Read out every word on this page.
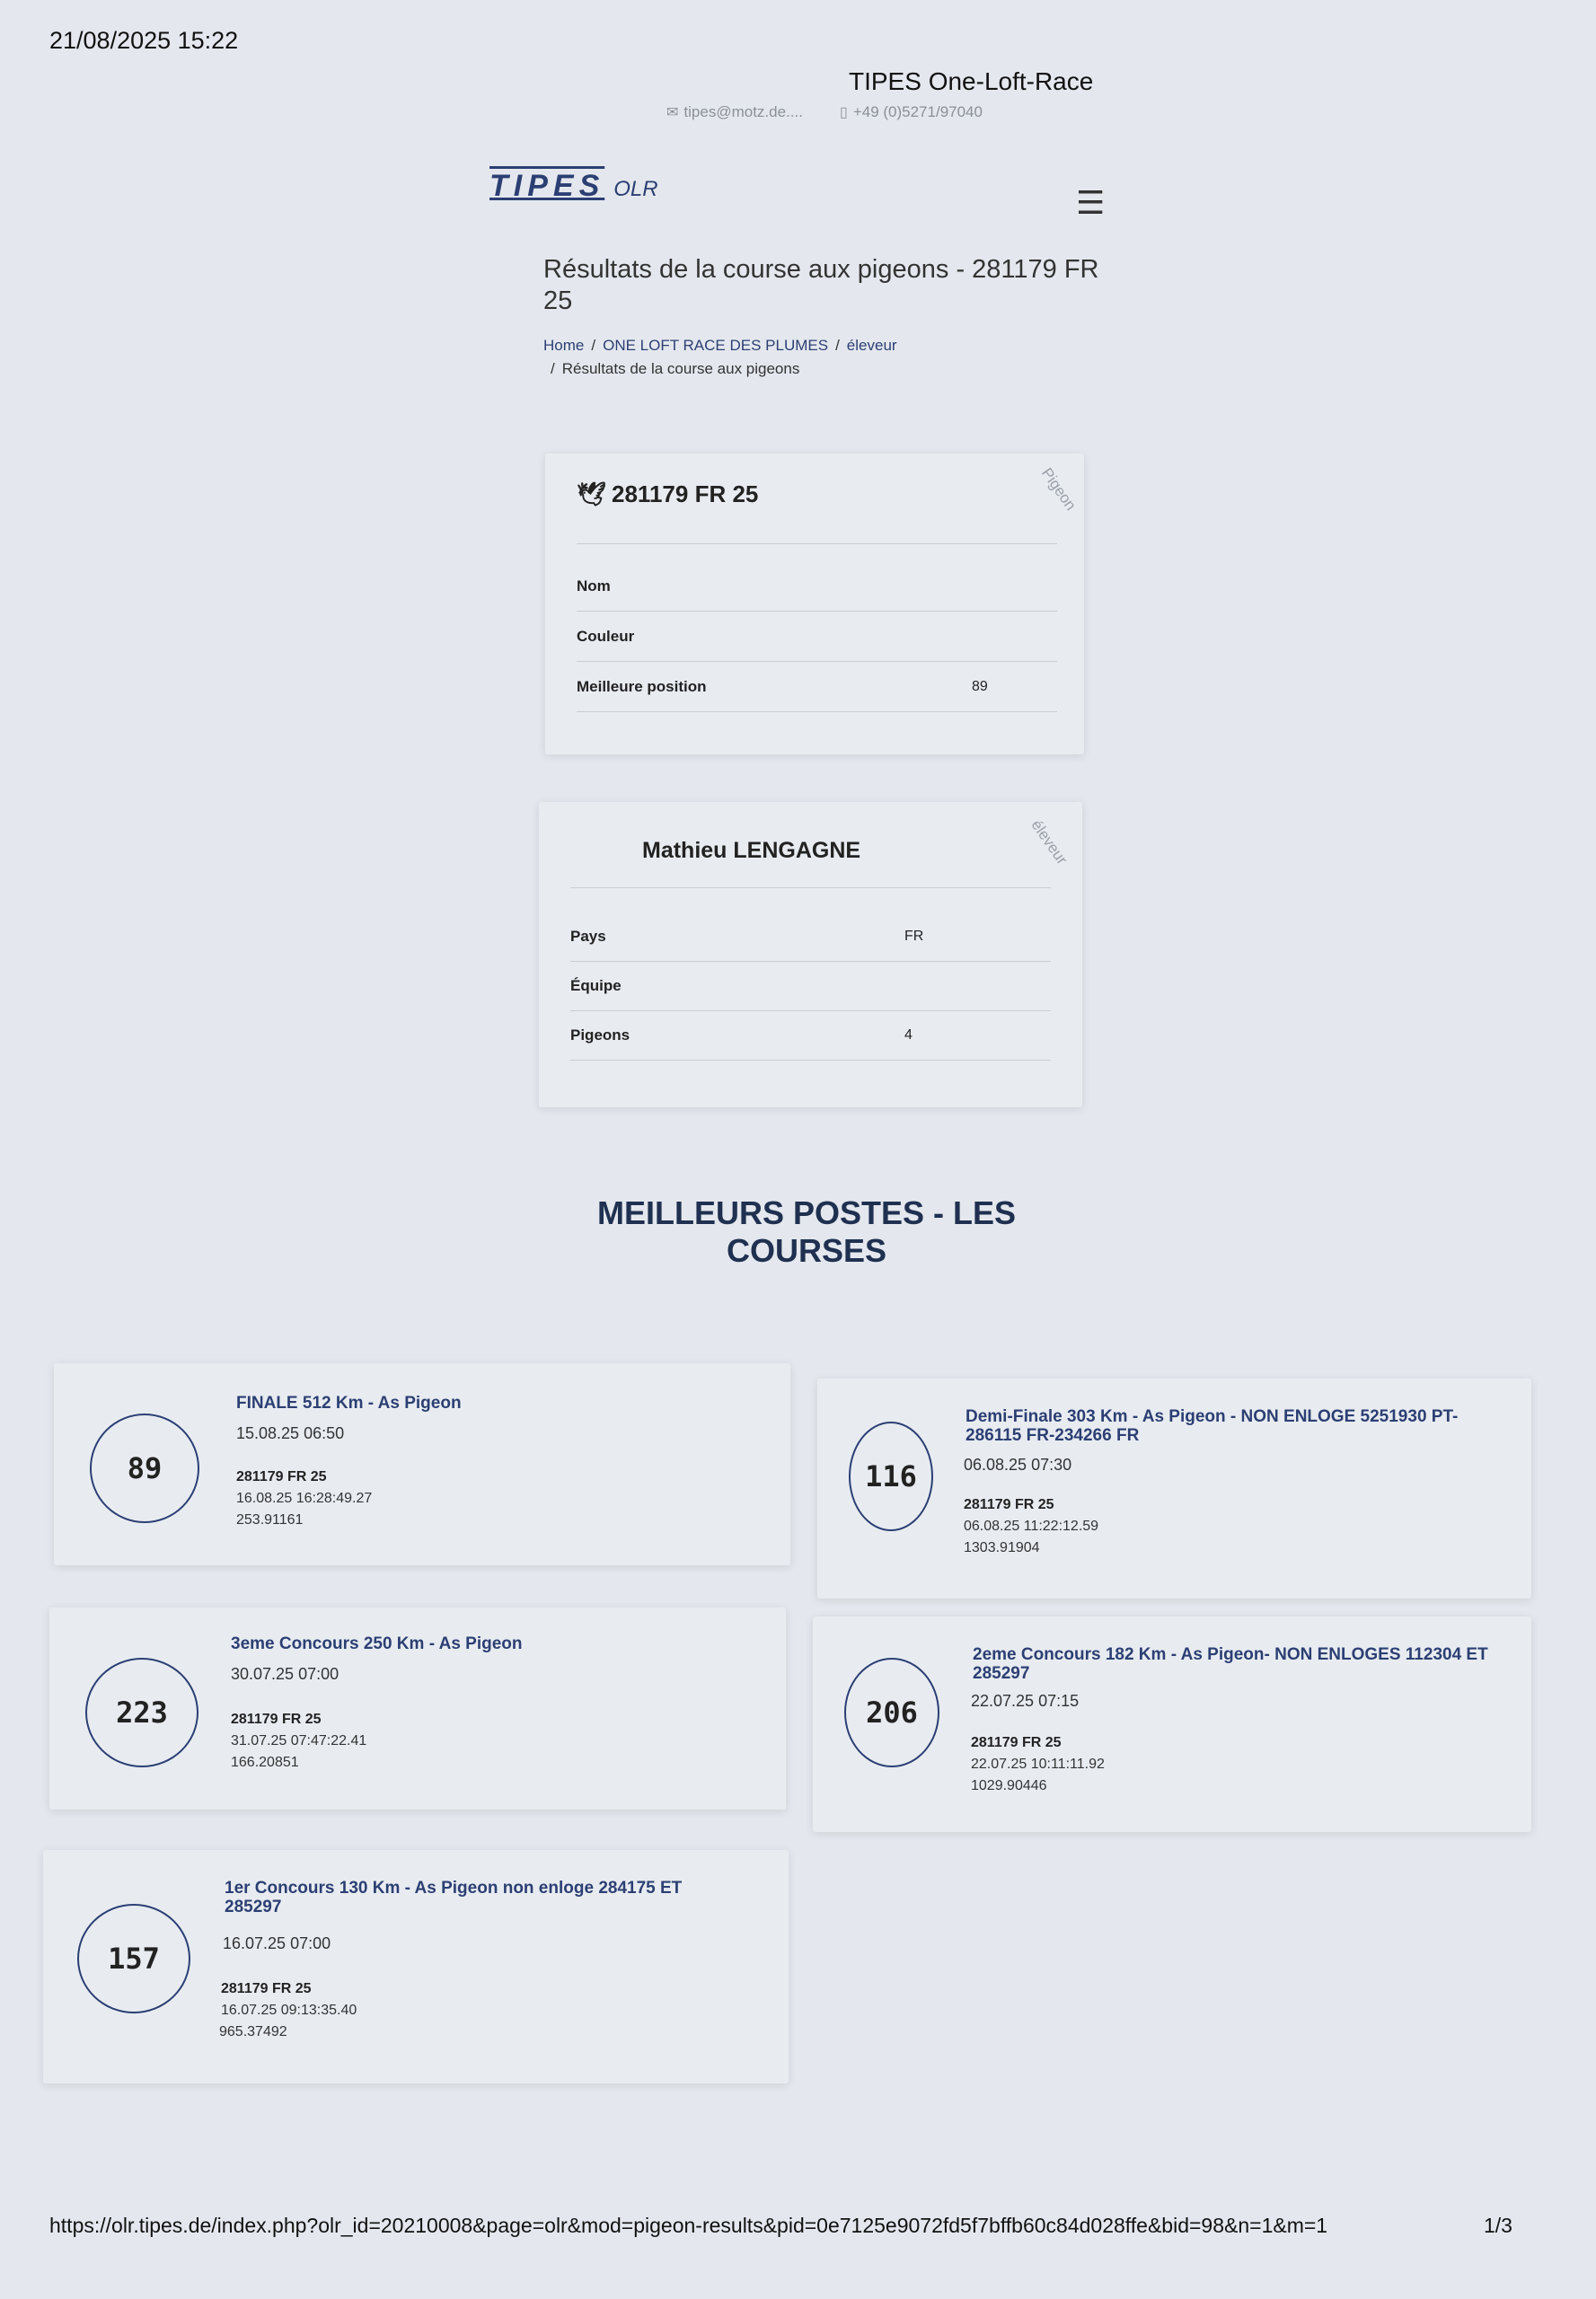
21/08/2025 15:22
TIPES One-Loft-Race
✉ tipes@motz.de....	▯ +49 (0)5271/97040
TIPES OLR	☰
Résultats de la course aux pigeons - 281179 FR 25
Home / ONE LOFT RACE DES PLUMES / éleveur
/ Résultats de la course aux pigeons
🕊 281179 FR 25	Pigeon
Nom
Couleur
Meilleure position	89
Mathieu LENGAGNE	éleveur
Pays	FR
Équipe
Pigeons	4
MEILLEURS POSTES - LES
COURSES
89
FINALE 512 Km - As Pigeon
15.08.25 06:50
281179 FR 25
16.08.25 16:28:49.27
253.91161
116
Demi-Finale 303 Km - As Pigeon - NON ENLOGE 5251930 PT-286115 FR-234266 FR
06.08.25 07:30
281179 FR 25
06.08.25 11:22:12.59
1303.91904
223
3eme Concours 250 Km - As Pigeon
30.07.25 07:00
281179 FR 25
31.07.25 07:47:22.41
166.20851
206
2eme Concours 182 Km - As Pigeon- NON ENLOGES 112304 ET 285297
22.07.25 07:15
281179 FR 25
22.07.25 10:11:11.92
1029.90446
157
1er Concours 130 Km - As Pigeon non enloge 284175 ET 285297
16.07.25 07:00
281179 FR 25
16.07.25 09:13:35.40
965.37492
https://olr.tipes.de/index.php?olr_id=20210008&page=olr&mod=pigeon-results&pid=0e7125e9072fd5f7bffb60c84d028ffe&bid=98&n=1&m=1	1/3
